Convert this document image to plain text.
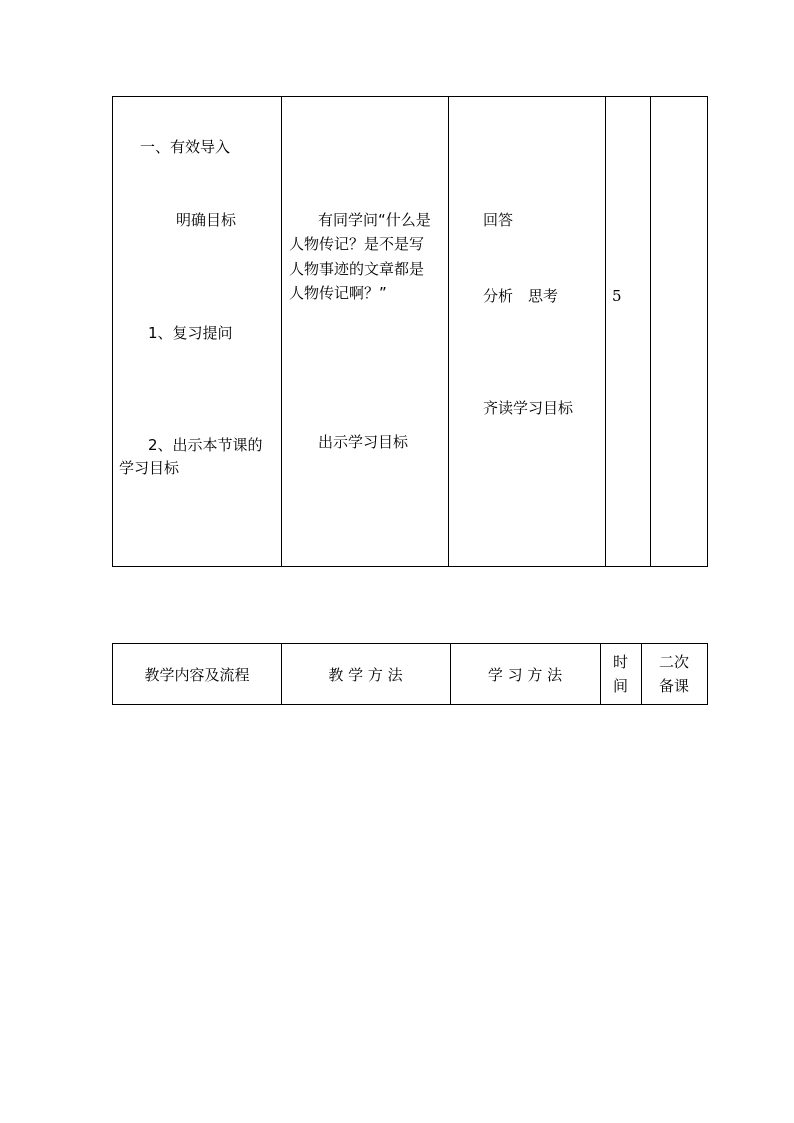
一、有效导入
明确目标
1、复习提问
2、出示本节课的
学习目标
有同学问“什么是
人物传记？是不是写
人物事迹的文章都是
人物传记啊？”
出示学习目标
回答
分析　思考
齐读学习目标
5
教学内容及流程	教 学 方 法	学 习 方 法
时
间
二次
备课
